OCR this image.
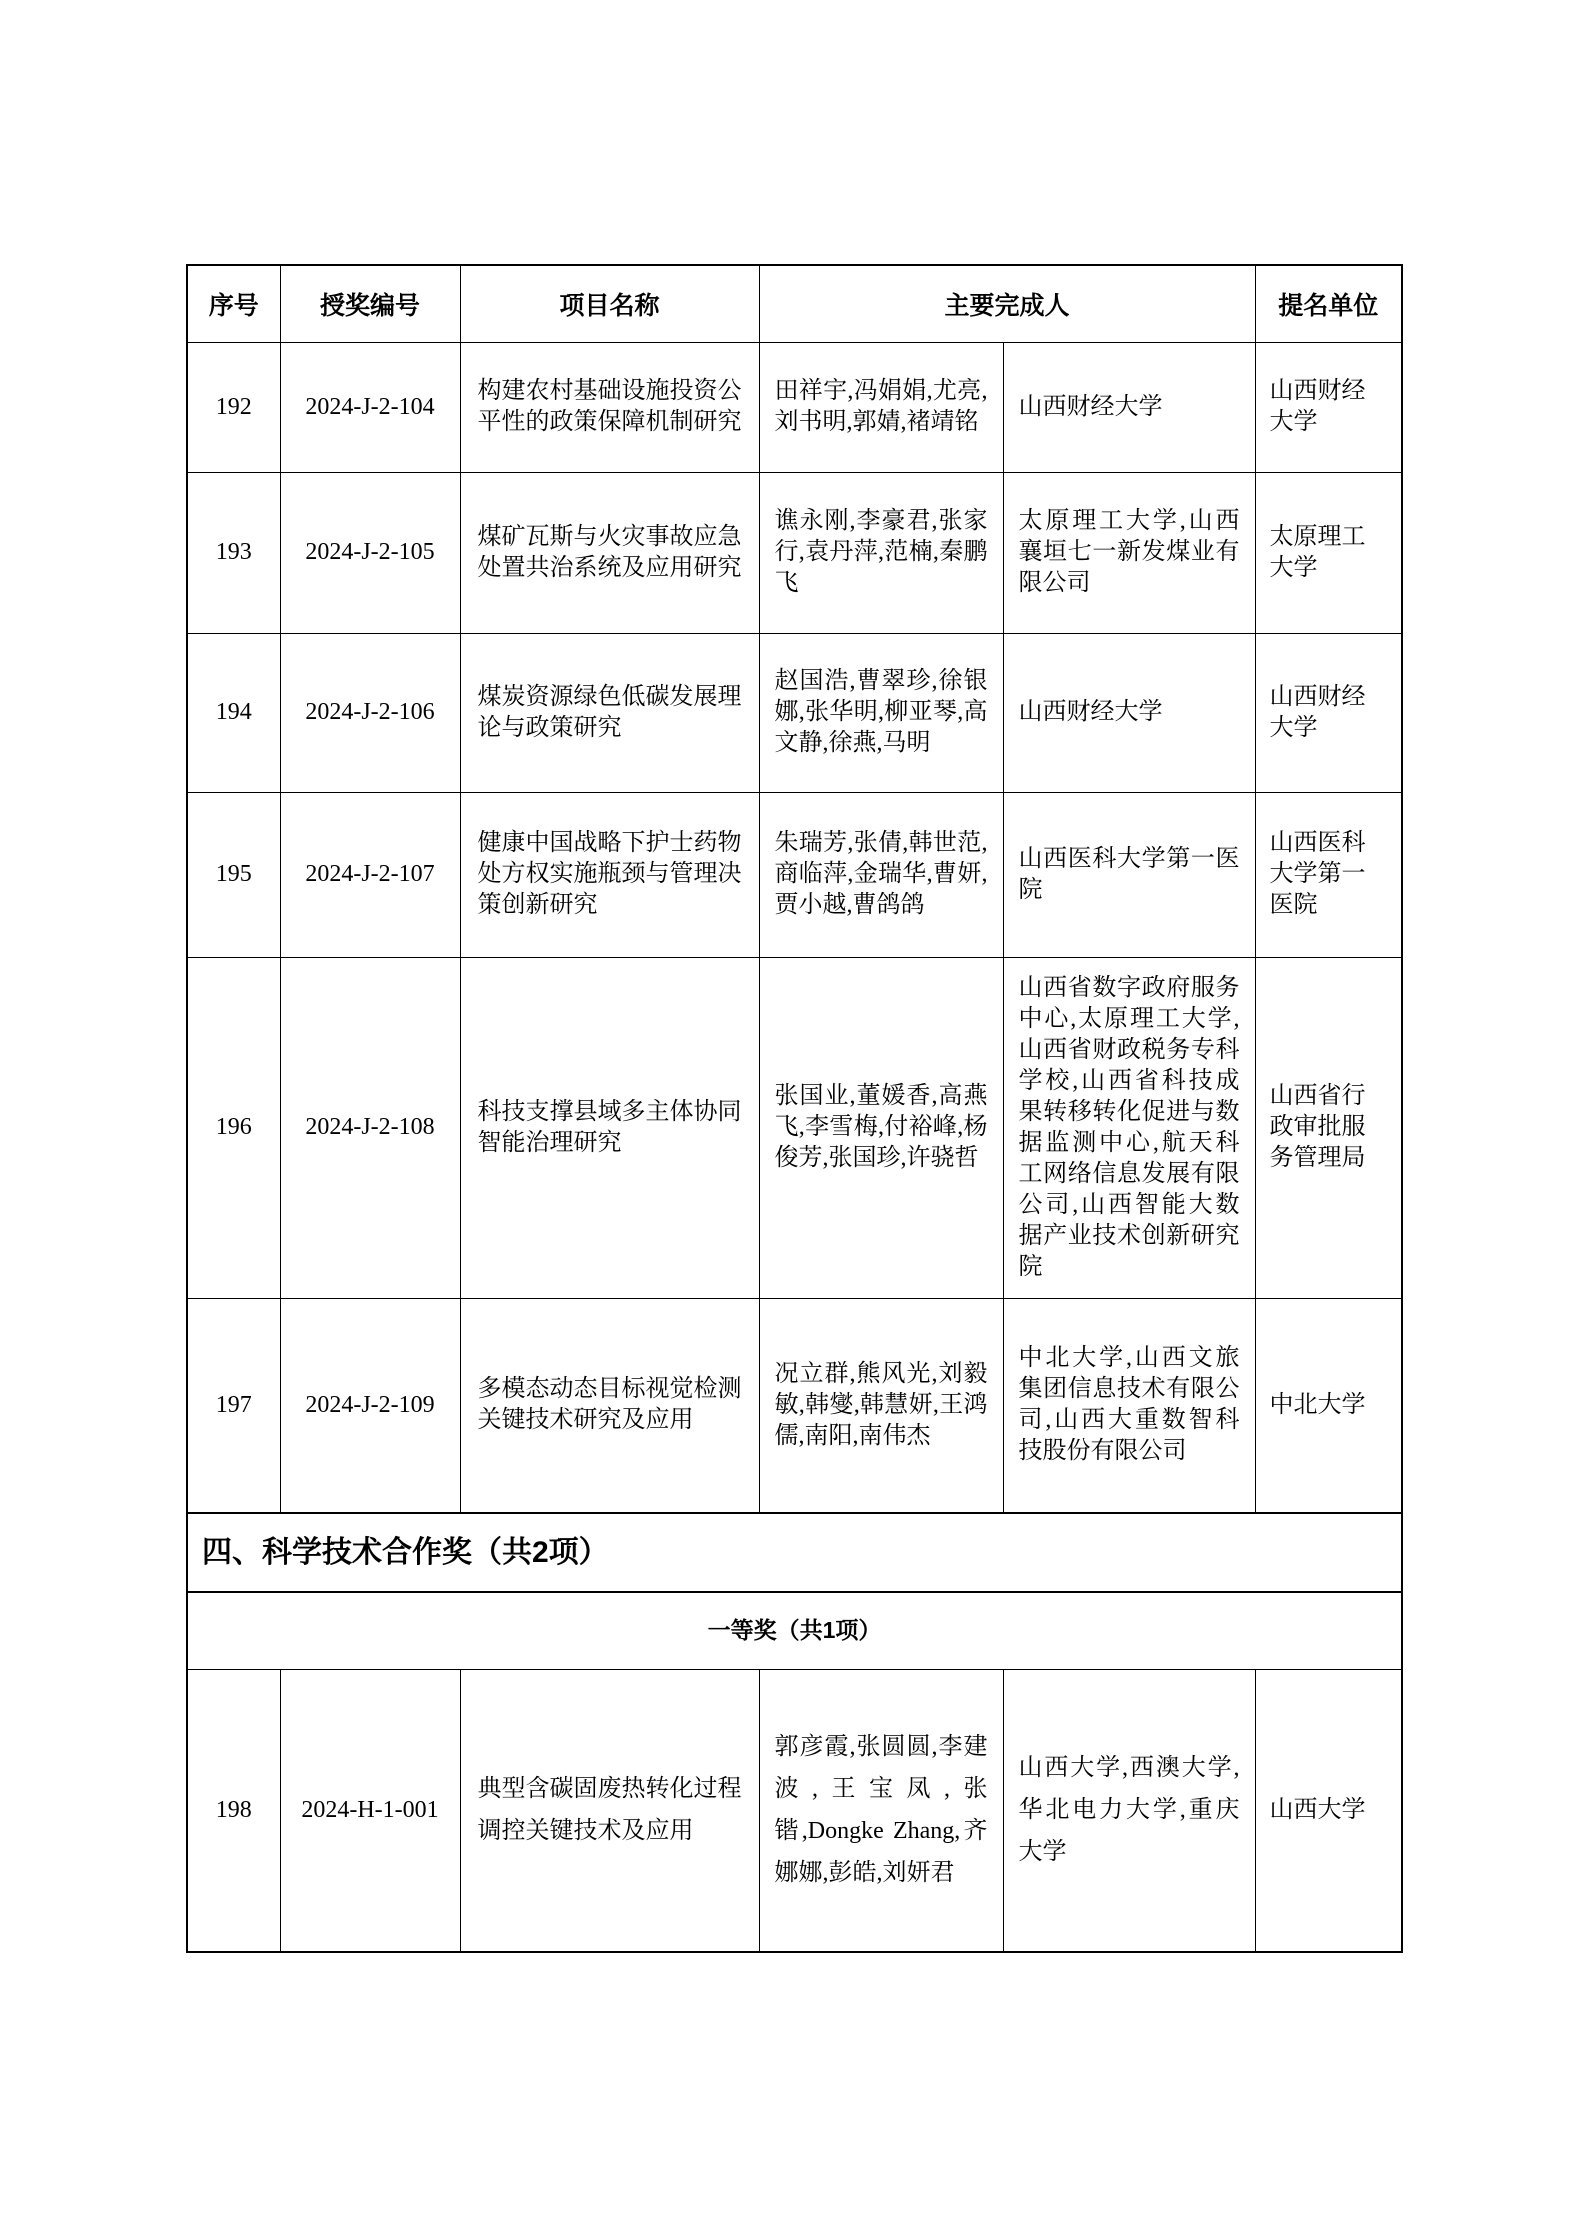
序号	授奖编号	项目名称	主要完成人		提名单位
192	2024-J-2-104	构建农村基础设施投资公平性的政策保障机制研究	田祥宇,冯娟娟,尤亮,刘书明,郭婧,褚靖铭	山西财经大学	山西财经大学
193	2024-J-2-105	煤矿瓦斯与火灾事故应急处置共治系统及应用研究	谯永刚,李豪君,张家行,袁丹萍,范楠,秦鹏飞	太原理工大学,山西襄垣七一新发煤业有限公司	太原理工大学
194	2024-J-2-106	煤炭资源绿色低碳发展理论与政策研究	赵国浩,曹翠珍,徐银娜,张华明,柳亚琴,高文静,徐燕,马明	山西财经大学	山西财经大学
195	2024-J-2-107	健康中国战略下护士药物处方权实施瓶颈与管理决策创新研究	朱瑞芳,张倩,韩世范,商临萍,金瑞华,曹妍,贾小越,曹鸽鸽	山西医科大学第一医院	山西医科大学第一医院
196	2024-J-2-108	科技支撑县域多主体协同智能治理研究	张国业,董媛香,高燕飞,李雪梅,付裕峰,杨俊芳,张国珍,许骁哲	山西省数字政府服务中心,太原理工大学,山西省财政税务专科学校,山西省科技成果转移转化促进与数据监测中心,航天科工网络信息发展有限公司,山西智能大数据产业技术创新研究院	山西省行政审批服务管理局
197	2024-J-2-109	多模态动态目标视觉检测关键技术研究及应用	况立群,熊风光,刘毅敏,韩燮,韩慧妍,王鸿儒,南阳,南伟杰	中北大学,山西文旅集团信息技术有限公司,山西大重数智科技股份有限公司	中北大学
四、科学技术合作奖（共2项）					
一等奖（共1项）					
198	2024-H-1-001	典型含碳固废热转化过程调控关键技术及应用	郭彦霞,张圆圆,李建波,王宝凤,张锴,Dongke Zhang,齐娜娜,彭皓,刘妍君	山西大学,西澳大学,华北电力大学,重庆大学	山西大学
